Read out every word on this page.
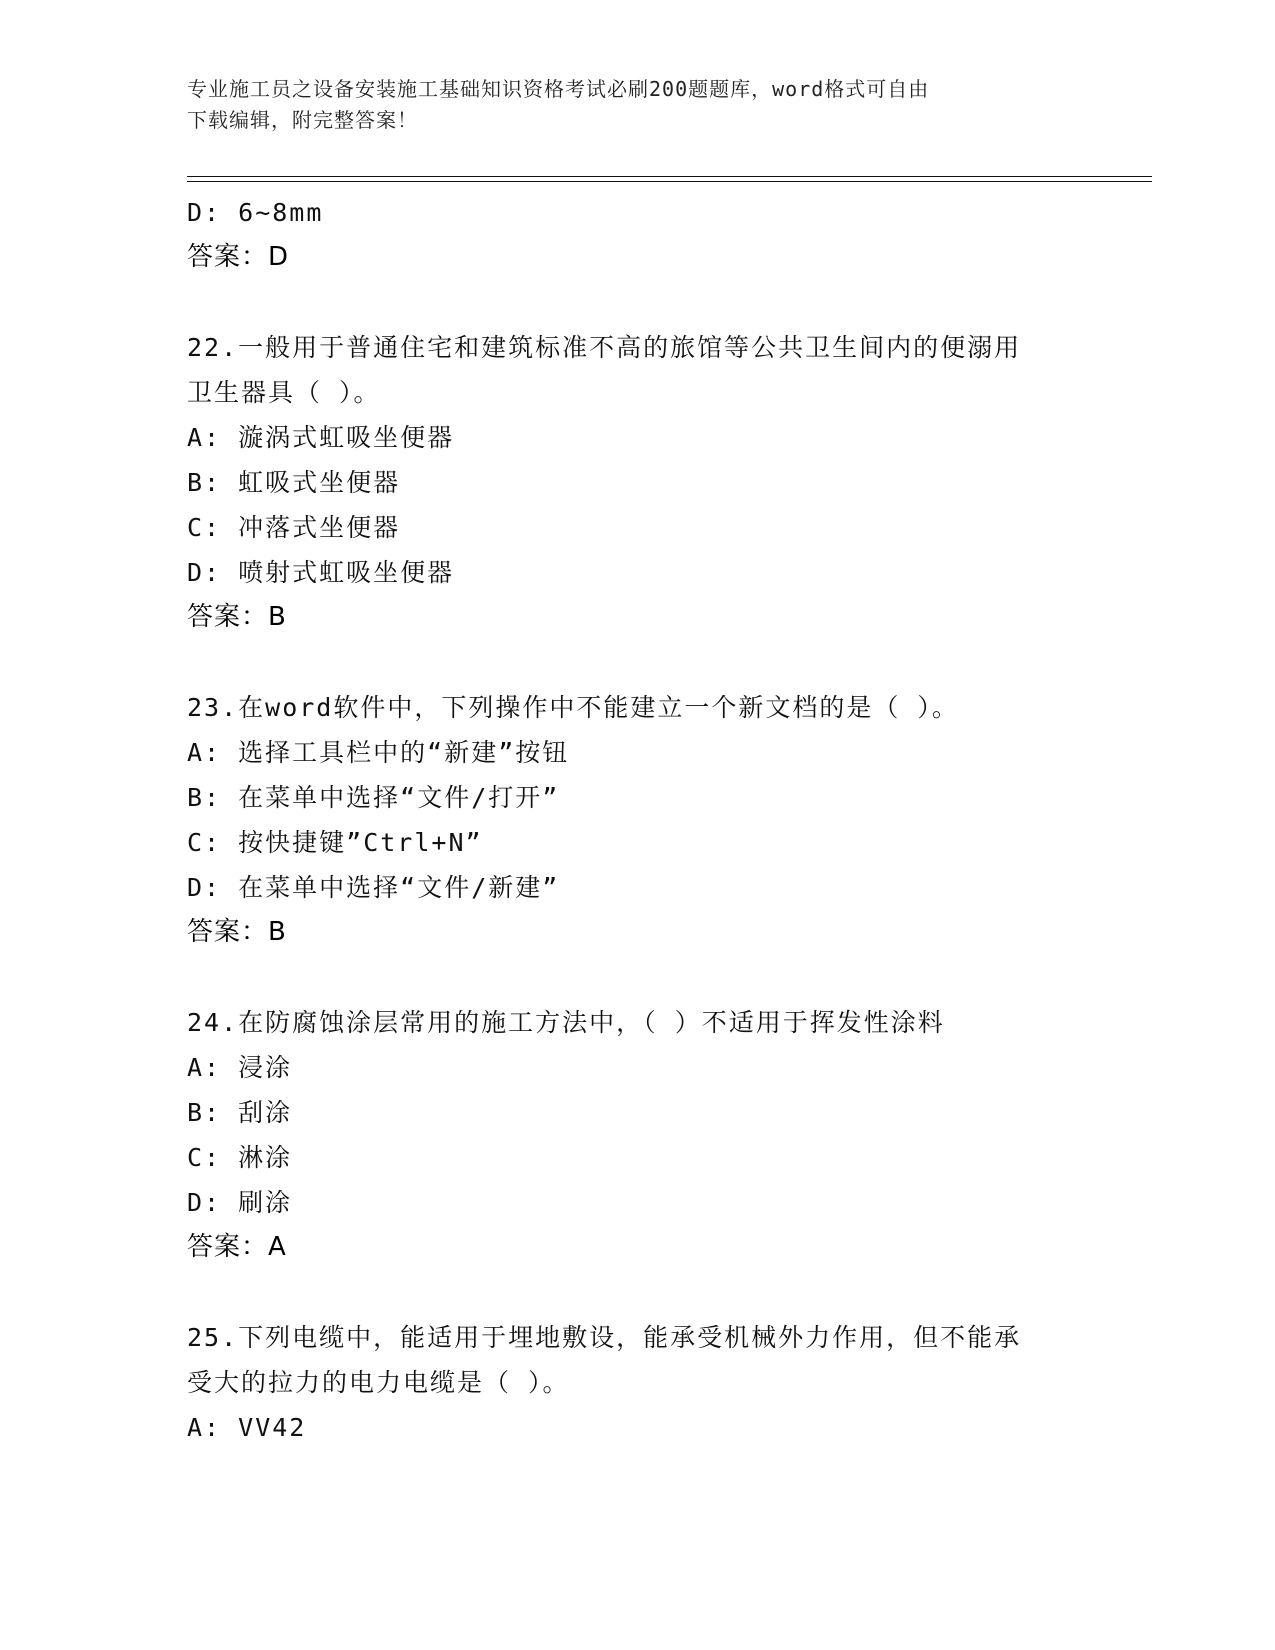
专业施工员之设备安装施工基础知识资格考试必刷200题题库，word格式可自由
下载编辑，附完整答案！
D: 6~8mm
答案：D
22.一般用于普通住宅和建筑标准不高的旅馆等公共卫生间内的便溺用
卫生器具（ ）。
A: 漩涡式虹吸坐便器
B: 虹吸式坐便器
C: 冲落式坐便器
D: 喷射式虹吸坐便器
答案：B
23.在word软件中，下列操作中不能建立一个新文档的是（ ）。
A: 选择工具栏中的“新建”按钮
B: 在菜单中选择“文件/打开”
C: 按快捷键”Ctrl+N”
D: 在菜单中选择“文件/新建”
答案：B
24.在防腐蚀涂层常用的施工方法中，（ ）不适用于挥发性涂料
A: 浸涂
B: 刮涂
C: 淋涂
D: 刷涂
答案：A
25.下列电缆中，能适用于埋地敷设，能承受机械外力作用，但不能承
受大的拉力的电力电缆是（ ）。
A: VV42
